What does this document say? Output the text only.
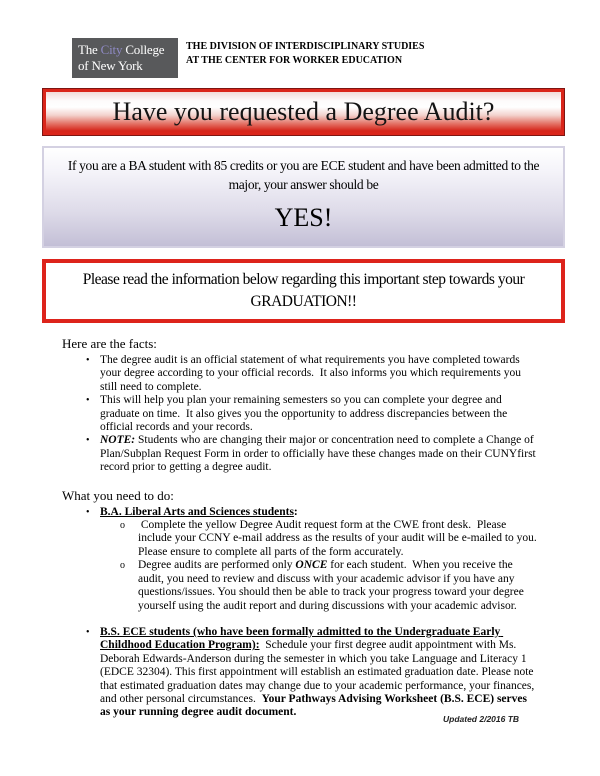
The City College
of New York
THE DIVISION OF INTERDISCIPLINARY STUDIES
AT THE CENTER FOR WORKER EDUCATION
Have you requested a Degree Audit?
If you are a BA student with 85 credits or you are ECE student and have been admitted to the major, your answer should be
YES!
Please read the information below regarding this important step towards your
GRADUATION!!
Here are the facts:
• The degree audit is an official statement of what requirements you have completed towards your degree according to your official records.  It also informs you which requirements you still need to complete.
• This will help you plan your remaining semesters so you can complete your degree and graduate on time.  It also gives you the opportunity to address discrepancies between the official records and your records.
• NOTE: Students who are changing their major or concentration need to complete a Change of Plan/Subplan Request Form in order to officially have these changes made on their CUNYfirst record prior to getting a degree audit.
What you need to do:
• B.A. Liberal Arts and Sciences students:
o	Complete the yellow Degree Audit request form at the CWE front desk.  Please include your CCNY e-mail address as the results of your audit will be e-mailed to you.  Please ensure to complete all parts of the form accurately.
o	Degree audits are performed only ONCE for each student.  When you receive the audit, you need to review and discuss with your academic advisor if you have any questions/issues. You should then be able to track your progress toward your degree yourself using the audit report and during discussions with your academic advisor.
• B.S. ECE students (who have been formally admitted to the Undergraduate Early Childhood Education Program):  Schedule your first degree audit appointment with Ms. Deborah Edwards-Anderson during the semester in which you take Language and Literacy 1 (EDCE 32304). This first appointment will establish an estimated graduation date. Please note that estimated graduation dates may change due to your academic performance, your finances, and other personal circumstances.  Your Pathways Advising Worksheet (B.S. ECE) serves as your running degree audit document.
Updated 2/2016 TB
